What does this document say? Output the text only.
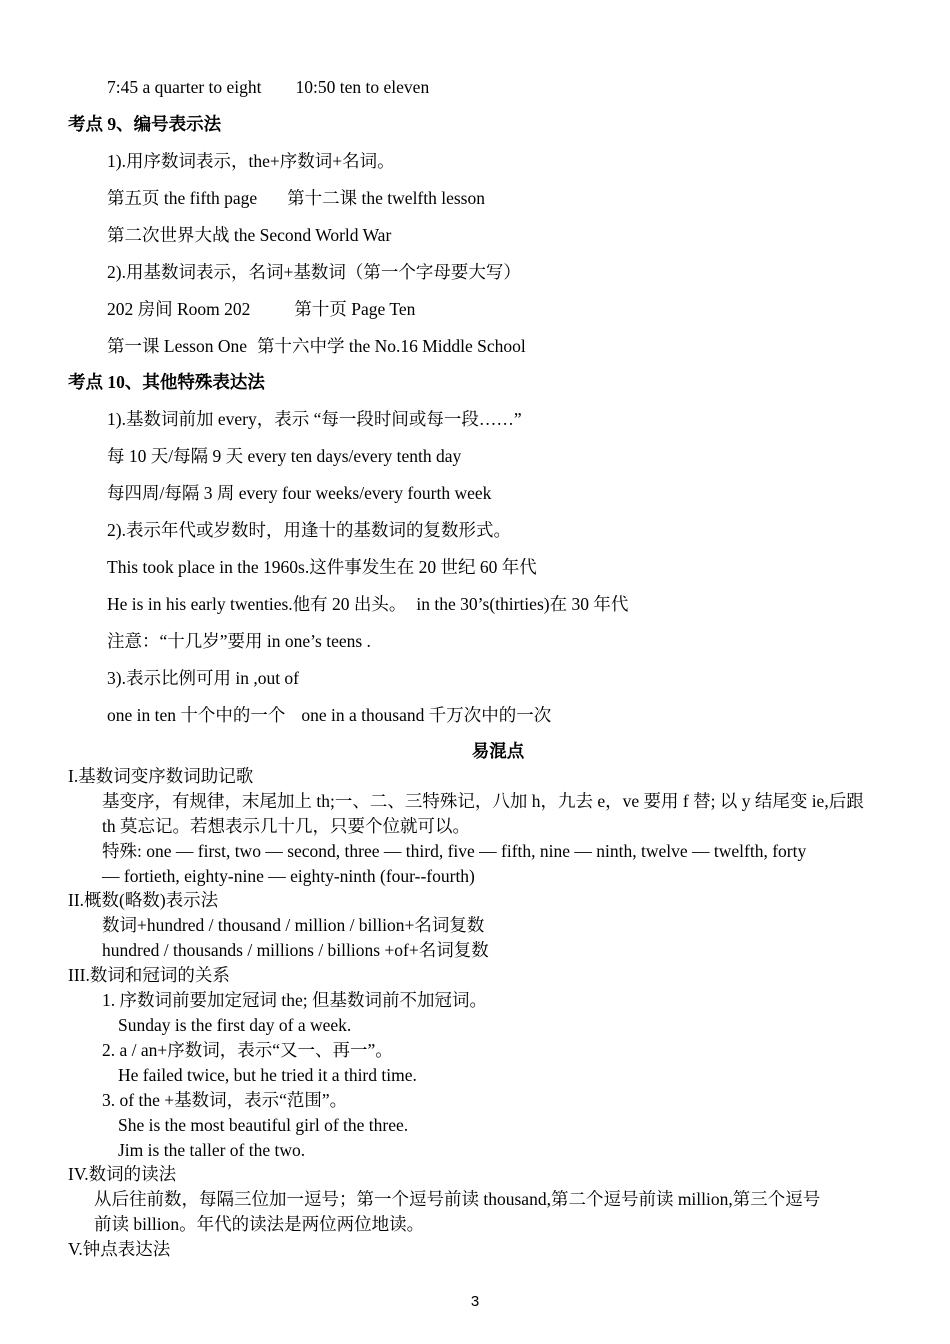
7:45 a quarter to eight 10:50 ten to eleven
考点 9、编号表示法
1).用序数词表示，the+序数词+名词。
第五页 the fifth page 第十二课 the twelfth lesson
第二次世界大战 the Second World War
2).用基数词表示，名词+基数词（第一个字母要大写）
202 房间 Room 202	第十页 Page Ten
第一课 Lesson One 第十六中学 the No.16 Middle School
考点 10、其他特殊表达法
1).基数词前加 every，表示 “每一段时间或每一段……”
每 10 天/每隔 9 天 every ten days/every tenth day
每四周/每隔 3 周 every four weeks/every fourth week
2).表示年代或岁数时，用逢十的基数词的复数形式。
This took place in the 1960s.这件事发生在 20 世纪 60 年代
He is in his early twenties.他有 20 出头。 in the 30’s(thirties)在 30 年代
注意：“十几岁”要用 in one’s teens .
3).表示比例可用 in ,out of
one in ten 十个中的一个 one in a thousand 千万次中的一次
易混点
I.基数词变序数词助记歌
基变序，有规律，末尾加上 th;一、二、三特殊记，八加 h，九去 e，ve 要用 f 替; 以 y 结尾变 ie,后跟
th 莫忘记。若想表示几十几，只要个位就可以。
特殊: one — first, two — second, three — third, five — fifth, nine — ninth, twelve — twelfth, forty
— fortieth, eighty-nine — eighty-ninth (four--fourth)
II.概数(略数)表示法
数词+hundred / thousand / million / billion+名词复数
hundred / thousands / millions / billions +of+名词复数
III.数词和冠词的关系
1. 序数词前要加定冠词 the; 但基数词前不加冠词。
Sunday is the first day of a week.
2. a / an+序数词，表示“又一、再一”。
He failed twice, but he tried it a third time.
3. of the +基数词，表示“范围”。
She is the most beautiful girl of the three.
Jim is the taller of the two.
IV.数词的读法
从后往前数，每隔三位加一逗号；第一个逗号前读 thousand,第二个逗号前读 million,第三个逗号
前读 billion。年代的读法是两位两位地读。
V.钟点表达法
3
